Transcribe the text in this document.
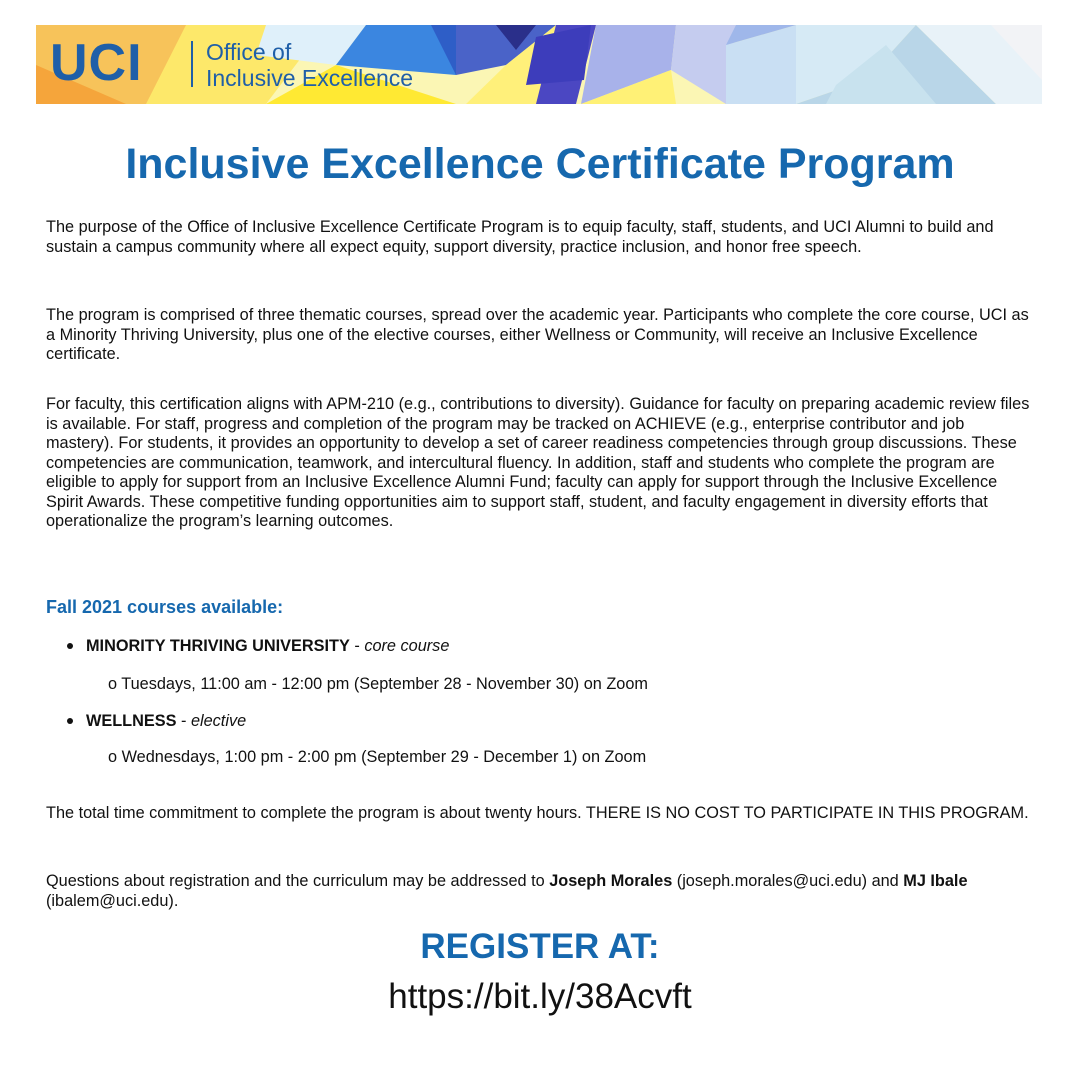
UCI	Office of
Inclusive Excellence
Inclusive Excellence Certificate Program
The purpose of the Office of Inclusive Excellence Certificate Program is to equip faculty, staff, students, and UCI Alumni to build and sustain a campus community where all expect equity, support diversity, practice inclusion, and honor free speech.
The program is comprised of three thematic courses, spread over the academic year. Participants who complete the core course, UCI as a Minority Thriving University, plus one of the elective courses, either Wellness or Community, will receive an Inclusive Excellence certificate.
For faculty, this certification aligns with APM-210 (e.g., contributions to diversity). Guidance for faculty on preparing academic review files is available. For staff, progress and completion of the program may be tracked on ACHIEVE (e.g., enterprise contributor and job mastery). For students, it provides an opportunity to develop a set of career readiness competencies through group discussions. These competencies are communication, teamwork, and intercultural fluency. In addition, staff and students who complete the program are eligible to apply for support from an Inclusive Excellence Alumni Fund; faculty can apply for support through the Inclusive Excellence Spirit Awards. These competitive funding opportunities aim to support staff, student, and faculty engagement in diversity efforts that operationalize the program’s learning outcomes.
Fall 2021 courses available:
MINORITY THRIVING UNIVERSITY - core course
o Tuesdays, 11:00 am - 12:00 pm (September 28 - November 30) on Zoom
WELLNESS - elective
o Wednesdays, 1:00 pm - 2:00 pm (September 29 - December 1) on Zoom
The total time commitment to complete the program is about twenty hours. THERE IS NO COST TO PARTICIPATE IN THIS PROGRAM.
Questions about registration and the curriculum may be addressed to Joseph Morales (joseph.morales@uci.edu) and MJ Ibale (ibalem@uci.edu).
REGISTER AT:
https://bit.ly/38Acvft
